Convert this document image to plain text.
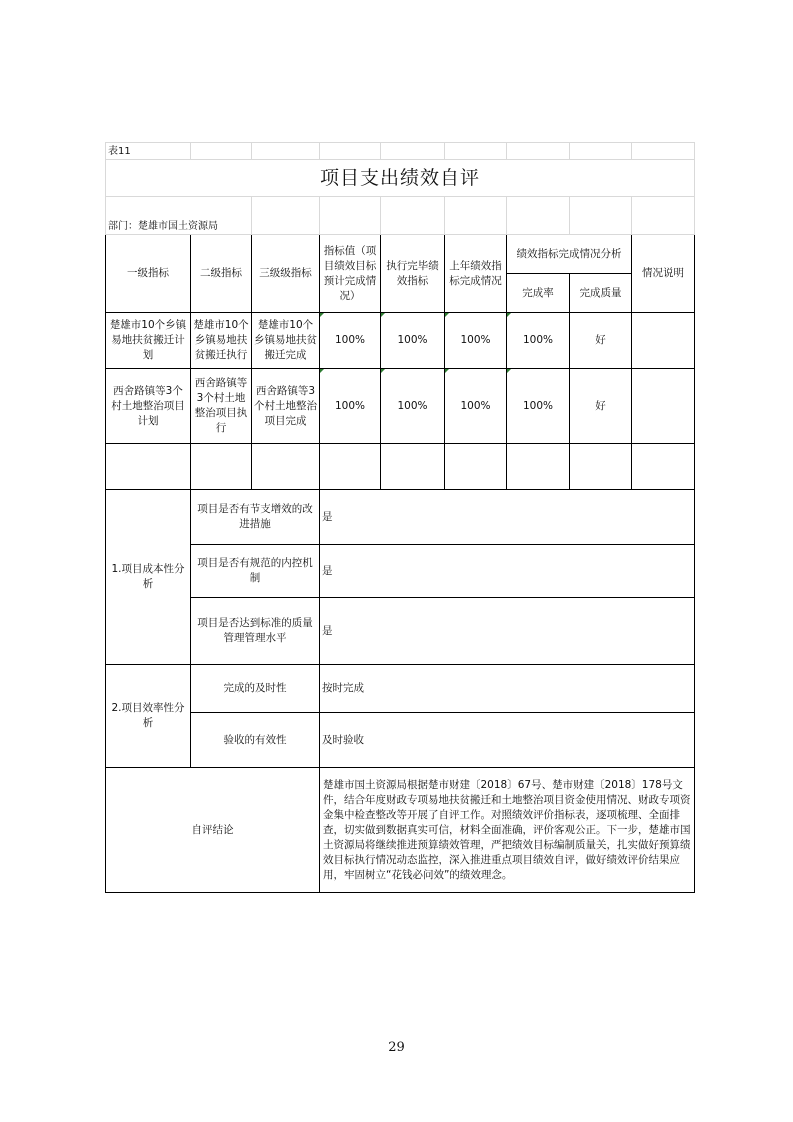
表11								
项目支出绩效自评								
部门：楚雄市国土资源局								
一级指标	二级指标	三级级指标	指标值（项目绩效目标预计完成情况）	执行完毕绩效指标	上年绩效指标完成情况	绩效指标完成情况分析		情况说明
						完成率	完成质量	
楚雄市10个乡镇易地扶贫搬迁计划	楚雄市10个乡镇易地扶贫搬迁执行	楚雄市10个乡镇易地扶贫搬迁完成	100%	100%	100%	100%	好	
西舍路镇等3个村土地整治项目计划	西舍路镇等3个村土地整治项目执行	西舍路镇等3个村土地整治项目完成	100%	100%	100%	100%	好	

1.项目成本性分析	项目是否有节支增效的改进措施		是					
	项目是否有规范的内控机制		是					
	项目是否达到标准的质量管理管理水平		是					
2.项目效率性分析	完成的及时性		按时完成					
	验收的有效性		及时验收					
自评结论			楚雄市国土资源局根据楚市财建〔2018〕67号、楚市财建〔2018〕178号文件，结合年度财政专项易地扶贫搬迁和土地整治项目资金使用情况、财政专项资金集中检查整改等开展了自评工作。对照绩效评价指标表，逐项梳理、全面排查，切实做到数据真实可信，材料全面准确，评价客观公正。下一步，楚雄市国土资源局将继续推进预算绩效管理，严把绩效目标编制质量关，扎实做好预算绩效目标执行情况动态监控，深入推进重点项目绩效自评，做好绩效评价结果应用，牢固树立“花钱必问效”的绩效理念。					
29
